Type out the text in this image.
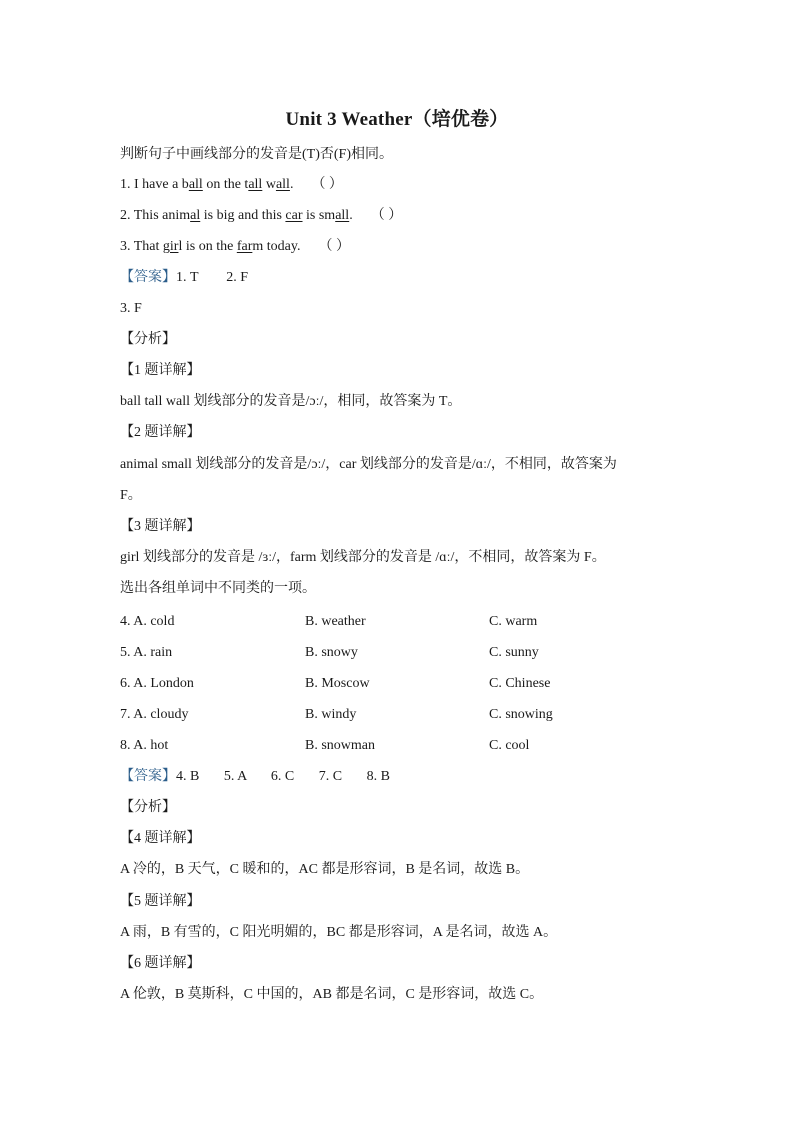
Unit 3 Weather（培优卷）
判断句子中画线部分的发音是(T)否(F)相同。
1. I have a ball on the tall wall. （ ）
2. This animal is big and this car is small. （ ）
3. That girl is on the farm today. （ ）
【答案】1. T        2. F
3. F
【分析】
【1 题详解】
ball tall wall 划线部分的发音是/ɔː/，相同，故答案为 T。
【2 题详解】
animal small 划线部分的发音是/ɔː/，car 划线部分的发音是/ɑː/，不相同，故答案为
F。
【3 题详解】
girl 划线部分的发音是 /ɜː/，farm 划线部分的发音是 /ɑː/，不相同，故答案为 F。
选出各组单词中不同类的一项。
4. A. cold	B. weather	C. warm
5. A. rain	B. snowy	C. sunny
6. A. London	B. Moscow	C. Chinese
7. A. cloudy	B. windy	C. snowing
8. A. hot	B. snowman	C. cool
【答案】4. B       5. A       6. C       7. C       8. B
【分析】
【4 题详解】
A 冷的，B 天气，C 暖和的，AC 都是形容词，B 是名词，故选 B。
【5 题详解】
A 雨，B 有雪的，C 阳光明媚的，BC 都是形容词，A 是名词，故选 A。
【6 题详解】
A 伦敦，B 莫斯科，C 中国的，AB 都是名词，C 是形容词，故选 C。
